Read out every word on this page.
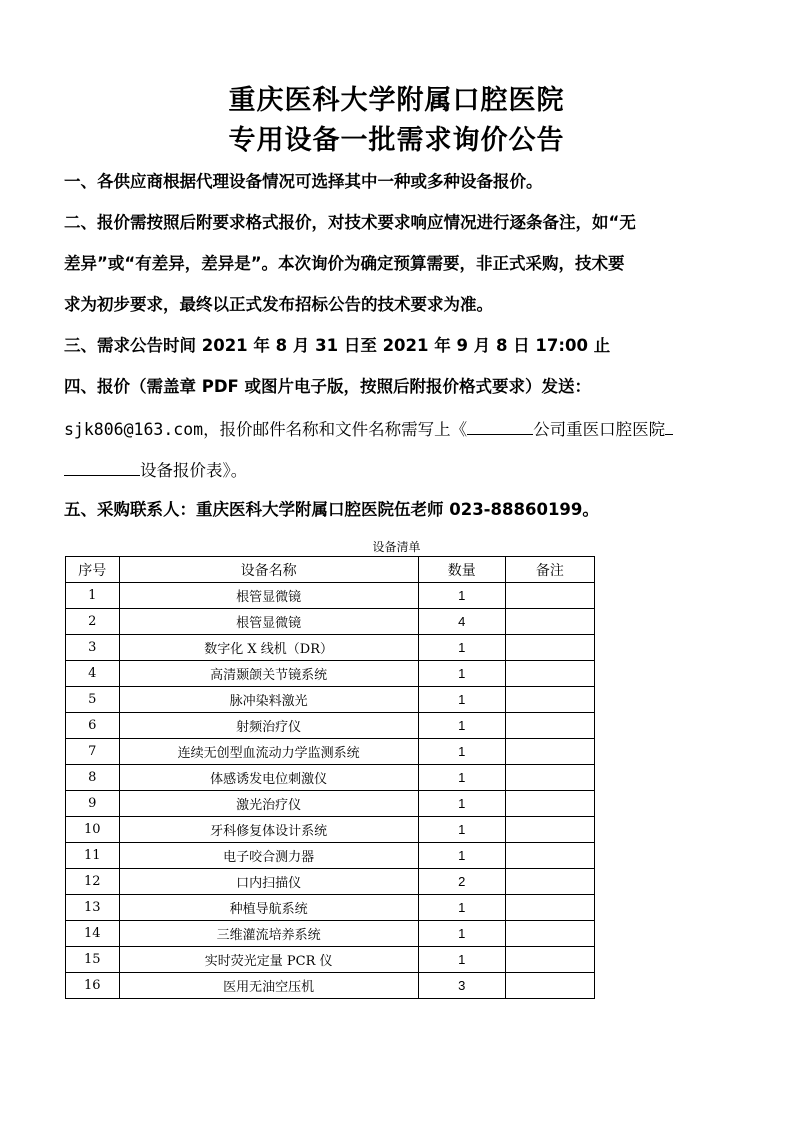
重庆医科大学附属口腔医院
专用设备一批需求询价公告
一、各供应商根据代理设备情况可选择其中一种或多种设备报价。
二、报价需按照后附要求格式报价，对技术要求响应情况进行逐条备注，如“无
差异”或“有差异，差异是”。本次询价为确定预算需要，非正式采购，技术要
求为初步要求，最终以正式发布招标公告的技术要求为准。
三、需求公告时间 2021 年 8 月 31 日至 2021 年 9 月 8 日 17:00 止
四、报价（需盖章 PDF 或图片电子版，按照后附报价格式要求）发送：
sjk806@163.com，报价邮件名称和文件名称需写上《	公司重医口腔医院
设备报价表》。
五、采购联系人：重庆医科大学附属口腔医院伍老师 023-88860199。
设备清单
序号	设备名称	数量	备注
1	根管显微镜	1	
2	根管显微镜	4	
3	数字化 X 线机（DR）	1	
4	高清颞颌关节镜系统	1	
5	脉冲染料激光	1	
6	射频治疗仪	1	
7	连续无创型血流动力学监测系统	1	
8	体感诱发电位刺激仪	1	
9	激光治疗仪	1	
10	牙科修复体设计系统	1	
11	电子咬合测力器	1	
12	口内扫描仪	2	
13	种植导航系统	1	
14	三维灌流培养系统	1	
15	实时荧光定量 PCR 仪	1	
16	医用无油空压机	3	
